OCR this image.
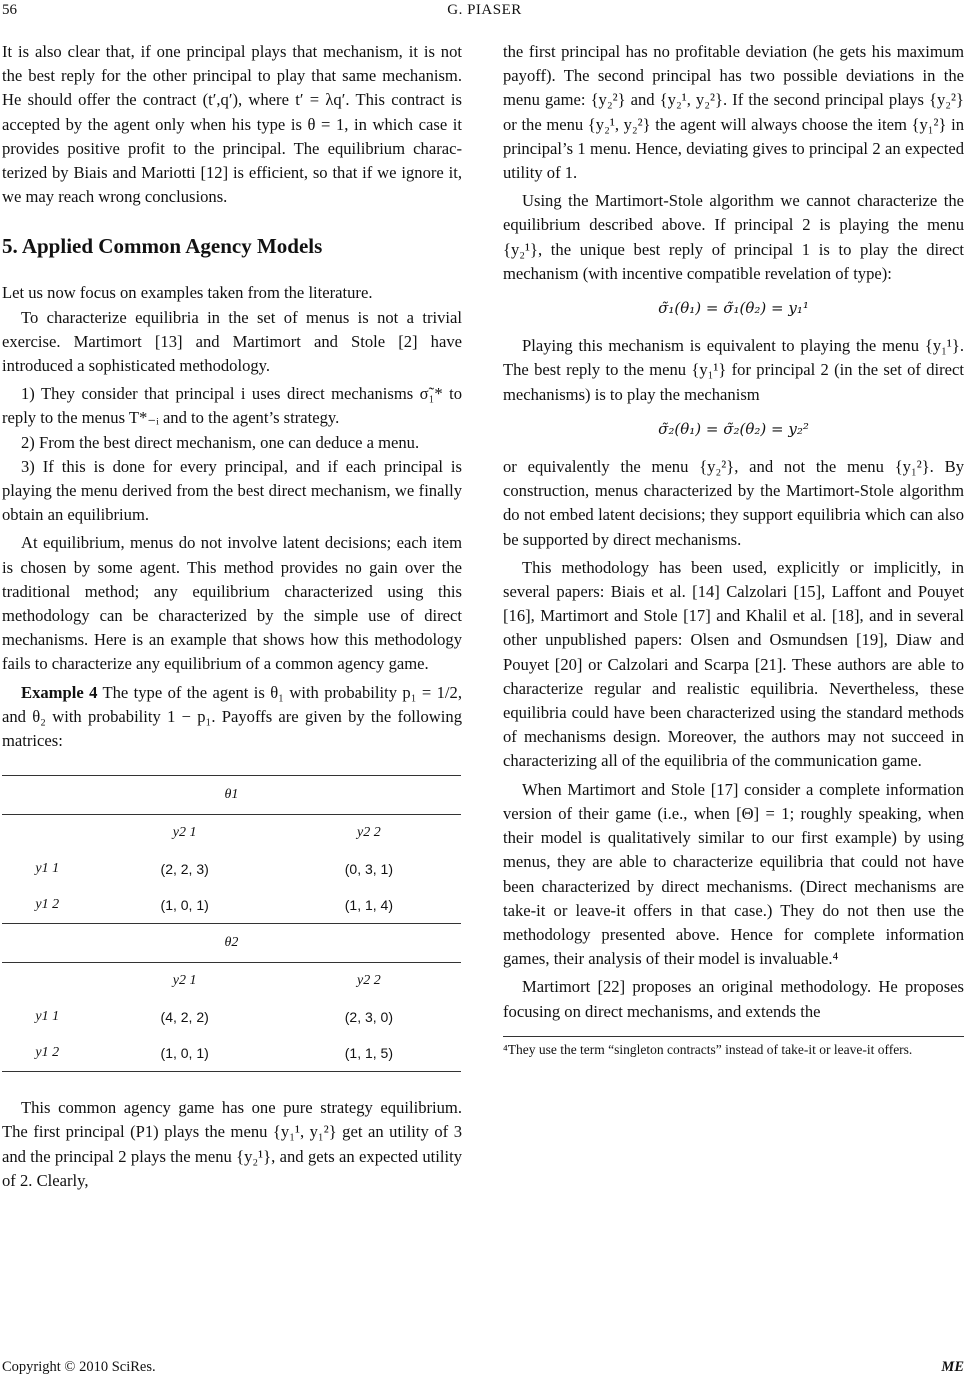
56	G. PIASER

It is also clear that, if one principal plays that mechanism, it is not the best reply for the other principal to play that same mechanism. He should offer the contract (t′,q′), where t′ = λq′. This contract is accepted by the agent only when his type is θ = 1, in which case it provides positive profit to the principal. The equilibrium characterized by Biais and Mariotti [12] is efficient, so that if we ignore it, we may reach wrong conclusions.

5. Applied Common Agency Models

Let us now focus on examples taken from the literature.

To characterize equilibria in the set of menus is not a trivial exercise. Martimort [13] and Martimort and Stole [2] have introduced a sophisticated methodology.

1) They consider that principal i uses direct mechanisms σ̃₁* to reply to the menus T*₋ᵢ and to the agent’s strategy.

2) From the best direct mechanism, one can deduce a menu.

3) If this is done for every principal, and if each principal is playing the menu derived from the best direct mechanism, we finally obtain an equilibrium.

At equilibrium, menus do not involve latent decisions; each item is chosen by some agent. This method provides no gain over the traditional method; any equilibrium characterized using this methodology can be characterized by the simple use of direct mechanisms. Here is an example that shows how this methodology fails to characterize any equilibrium of a common agency game.

Example 4 The type of the agent is θ₁ with probability p₁ = 1/2, and θ₂ with probability 1 − p₁. Payoffs are given by the following matrices:

θ1		
	y2 1	y2 2
y1 1	(2, 2, 3)	(0, 3, 1)
y1 2	(1, 0, 1)	(1, 1, 4)
θ2		
	y2 1	y2 2
y1 1	(4, 2, 2)	(2, 3, 0)
y1 2	(1, 0, 1)	(1, 1, 5)

This common agency game has one pure strategy equilibrium. The first principal (P1) plays the menu {y₁¹, y₁²} get an utility of 3 and the principal 2 plays the menu {y₂¹}, and gets an expected utility of 2. Clearly,

the first principal has no profitable deviation (he gets his maximum payoff). The second principal has two possible deviations in the menu game: {y₂²} and {y₂¹, y₂²}. If the second principal plays {y₂²} or the menu {y₂¹, y₂²} the agent will always choose the item {y₁²} in principal’s 1 menu. Hence, deviating gives to principal 2 an expected utility of 1.

Using the Martimort-Stole algorithm we cannot characterize the equilibrium described above. If principal 2 is playing the menu {y₂¹}, the unique best reply of principal 1 is to play the direct mechanism (with incentive compatible revelation of type):

σ̃₁(θ₁) = σ̃₁(θ₂) = y₁¹

Playing this mechanism is equivalent to playing the menu {y₁¹}. The best reply to the menu {y₁¹} for principal 2 (in the set of direct mechanisms) is to play the mechanism

σ̃₂(θ₁) = σ̃₂(θ₂) = y₂²

or equivalently the menu {y₂²}, and not the menu {y₁²}. By construction, menus characterized by the Martimort-Stole algorithm do not embed latent decisions; they support equilibria which can also be supported by direct mechanisms.

This methodology has been used, explicitly or implicitly, in several papers: Biais et al. [14] Calzolari [15], Laffont and Pouyet [16], Martimort and Stole [17] and Khalil et al. [18], and in several other unpublished papers: Olsen and Osmundsen [19], Diaw and Pouyet [20] or Calzolari and Scarpa [21]. These authors are able to characterize regular and realistic equilibria. Nevertheless, these equilibria could have been characterized using the standard methods of mechanisms design. Moreover, the authors may not succeed in characterizing all of the equilibria of the communication game.

When Martimort and Stole [17] consider a complete information version of their game (i.e., when [Θ] = 1; roughly speaking, when their model is qualitatively similar to our first example) by using menus, they are able to characterize equilibria that could not have been characterized by direct mechanisms. (Direct mechanisms are take-it or leave-it offers in that case.) They do not then use the methodology presented above. Hence for complete information games, their analysis of their model is invaluable.⁴

Martimort [22] proposes an original methodology. He proposes focusing on direct mechanisms, and extends the

⁴They use the term “singleton contracts” instead of take-it or leave-it offers.

Copyright © 2010 SciRes.	ME
